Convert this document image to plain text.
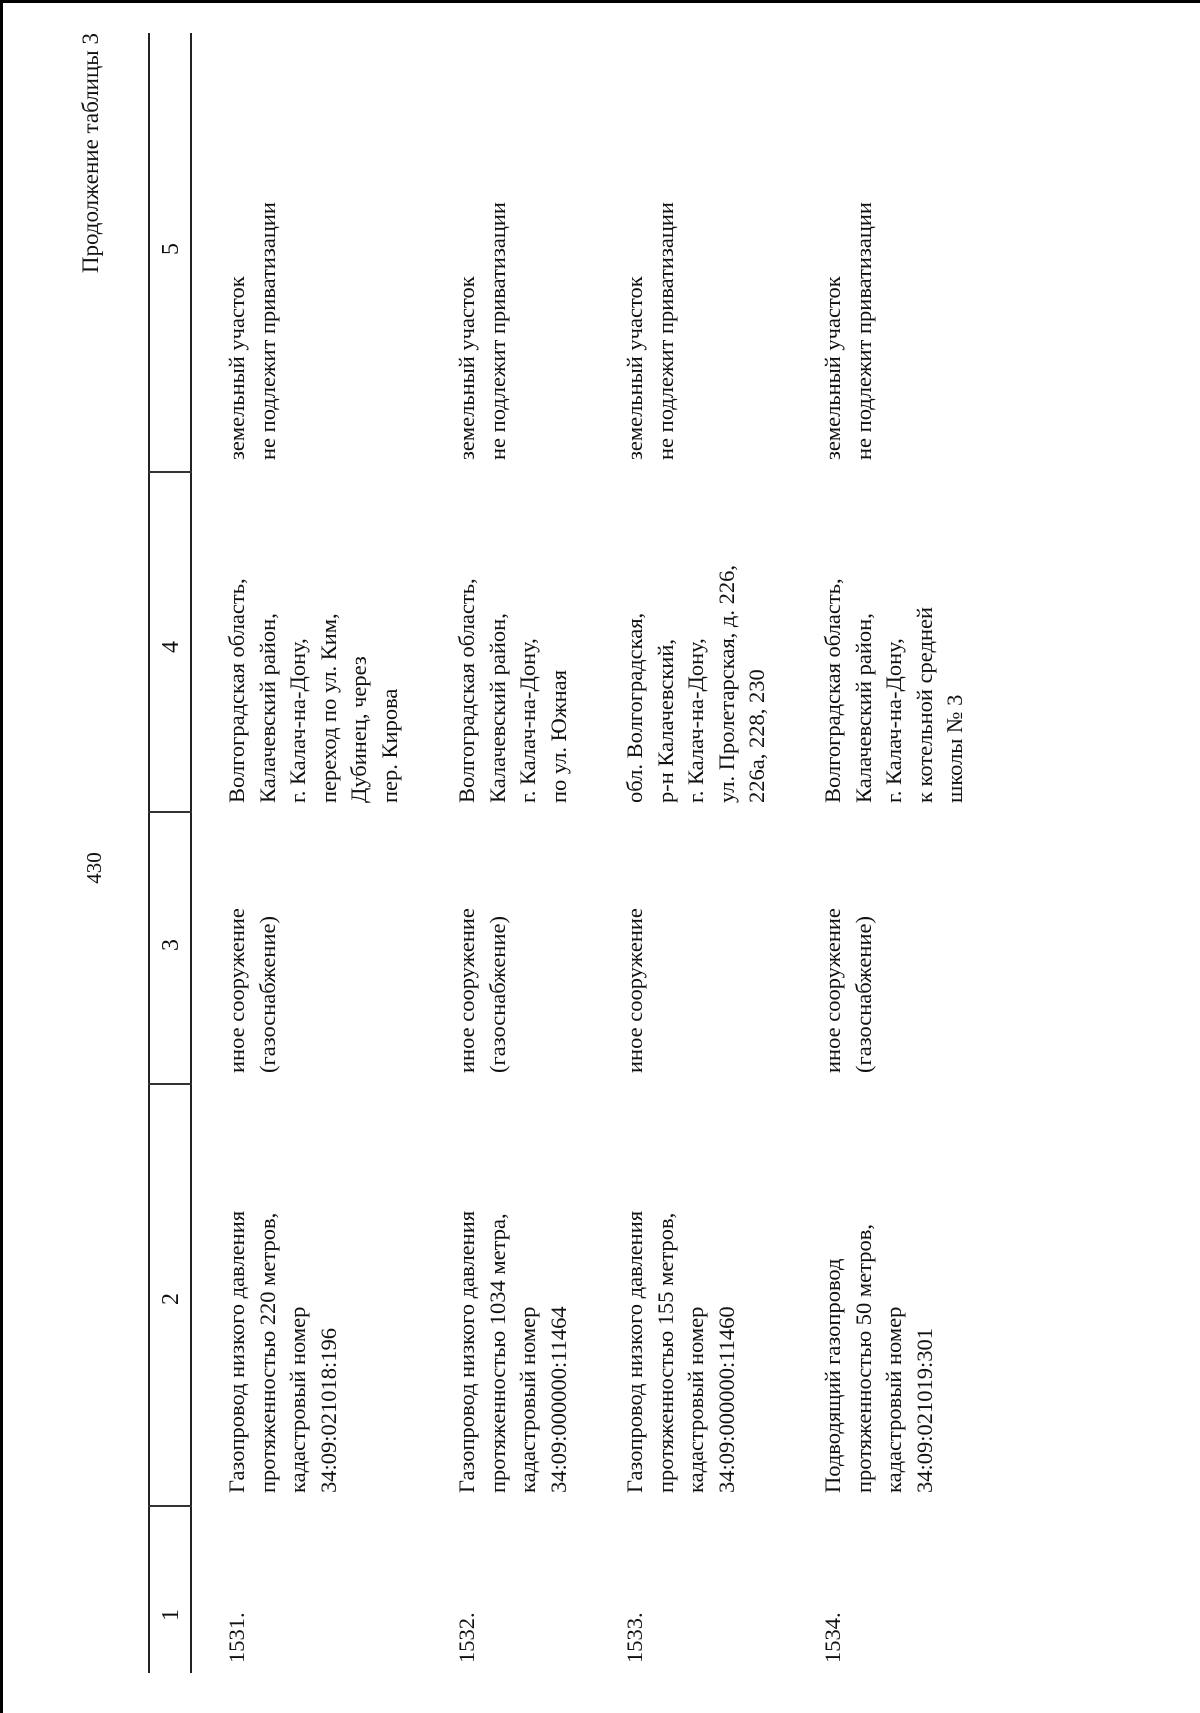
Продолжение таблицы 3
430
1
2
3
4
5
1531.
Газопровод низкого давления
протяженностью 220 метров,
кадастровый номер
34:09:021018:196
иное сооружение
(газоснабжение)
Волгоградская область,
Калачевский район,
г. Калач-на-Дону,
переход по ул. Ким,
Дубинец, через
пер. Кирова
земельный участок
не подлежит приватизации
1532.
Газопровод низкого давления
протяженностью 1034 метра,
кадастровый номер
34:09:000000:11464
иное сооружение
(газоснабжение)
Волгоградская область,
Калачевский район,
г. Калач-на-Дону,
по ул. Южная
земельный участок
не подлежит приватизации
1533.
Газопровод низкого давления
протяженностью 155 метров,
кадастровый номер
34:09:000000:11460
иное сооружение
обл. Волгоградская,
р-н Калачевский,
г. Калач-на-Дону,
ул. Пролетарская, д. 226,
226а, 228, 230
земельный участок
не подлежит приватизации
1534.
Подводящий газопровод
протяженностью 50 метров,
кадастровый номер
34:09:021019:301
иное сооружение
(газоснабжение)
Волгоградская область,
Калачевский район,
г. Калач-на-Дону,
к котельной средней
школы № 3
земельный участок
не подлежит приватизации
